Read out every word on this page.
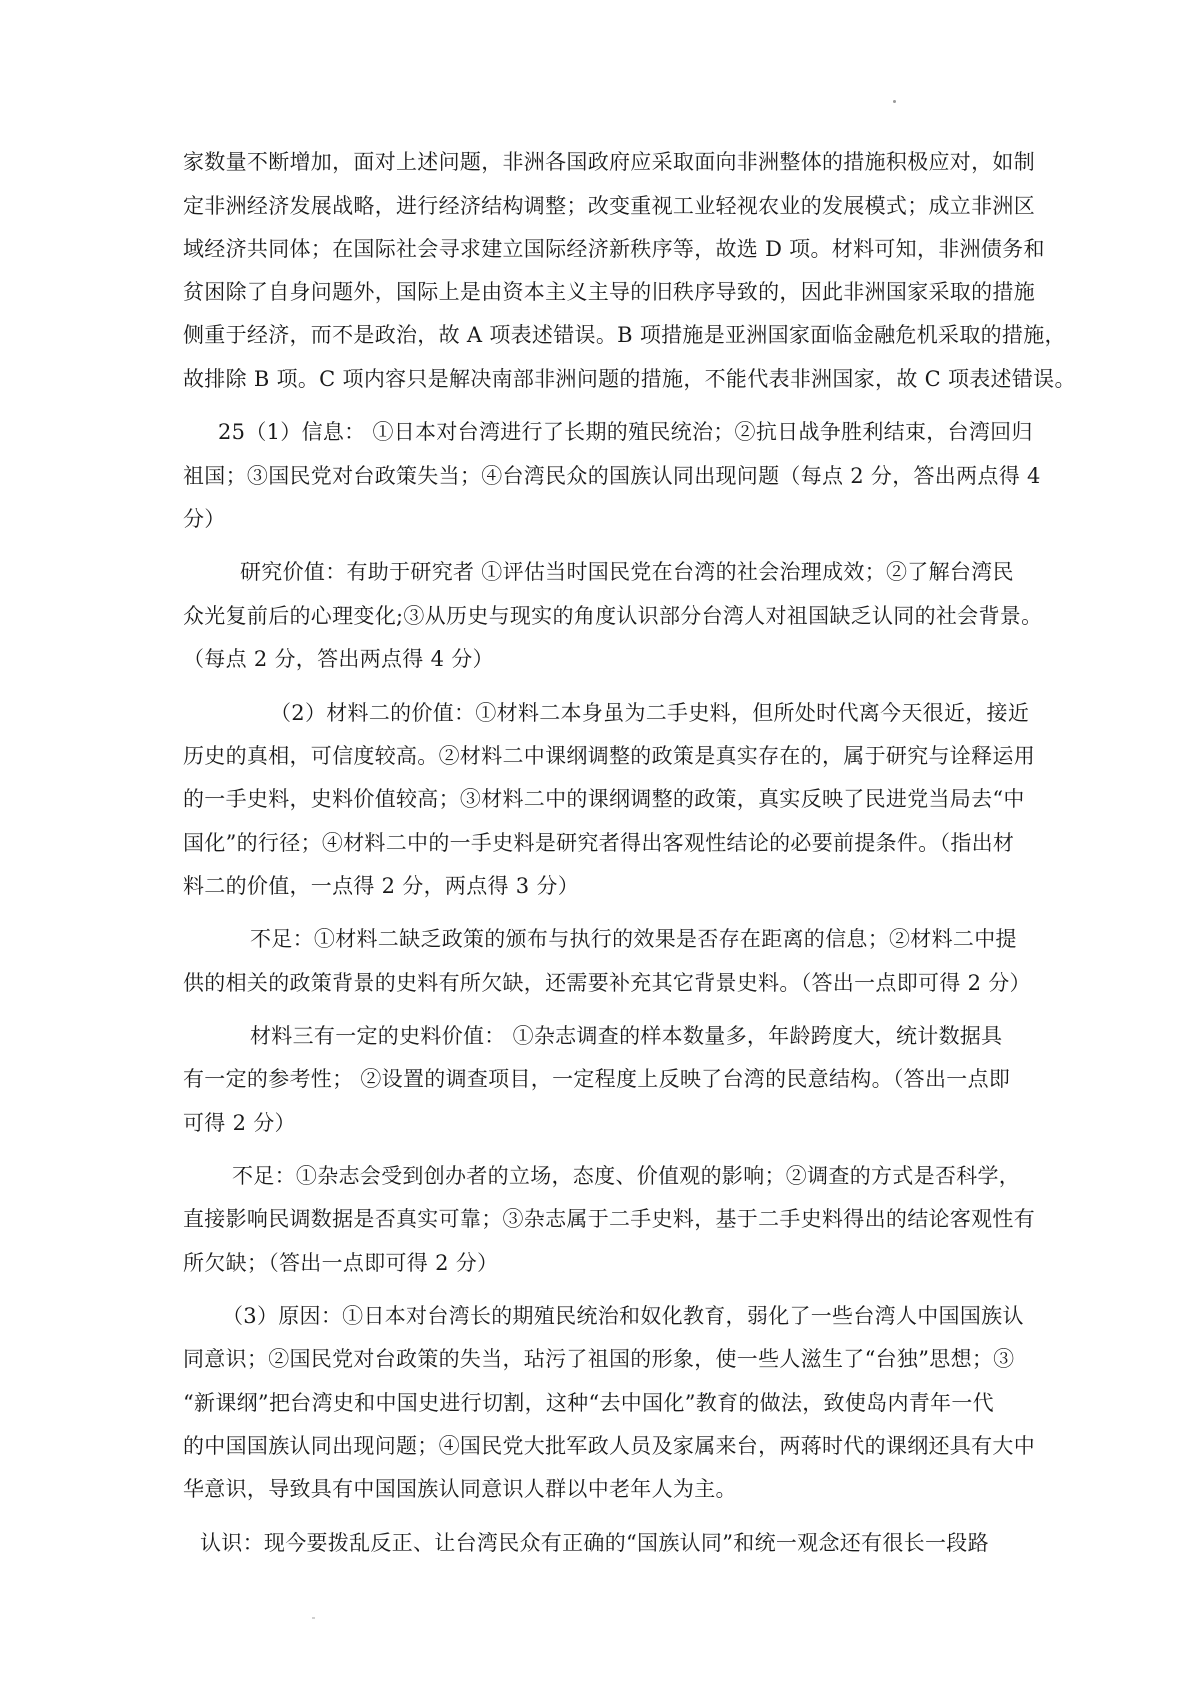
家数量不断增加，面对上述问题，非洲各国政府应采取面向非洲整体的措施积极应对，如制
定非洲经济发展战略，进行经济结构调整；改变重视工业轻视农业的发展模式；成立非洲区
域经济共同体；在国际社会寻求建立国际经济新秩序等，故选 D 项。材料可知，非洲债务和
贫困除了自身问题外，国际上是由资本主义主导的旧秩序导致的，因此非洲国家采取的措施
侧重于经济，而不是政治，故 A 项表述错误。B 项措施是亚洲国家面临金融危机采取的措施，
故排除 B 项。C 项内容只是解决南部非洲问题的措施，不能代表非洲国家，故 C 项表述错误。
25（1）信息： ①日本对台湾进行了长期的殖民统治；②抗日战争胜利结束，台湾回归
祖国；③国民党对台政策失当；④台湾民众的国族认同出现问题（每点 2 分，答出两点得 4
分）
研究价值：有助于研究者 ①评估当时国民党在台湾的社会治理成效；②了解台湾民
众光复前后的心理变化;③从历史与现实的角度认识部分台湾人对祖国缺乏认同的社会背景。
（每点 2 分，答出两点得 4 分）
（2）材料二的价值：①材料二本身虽为二手史料，但所处时代离今天很近，接近
历史的真相，可信度较高。②材料二中课纲调整的政策是真实存在的，属于研究与诠释运用
的一手史料，史料价值较高；③材料二中的课纲调整的政策，真实反映了民进党当局去“中
国化”的行径；④材料二中的一手史料是研究者得出客观性结论的必要前提条件。（指出材
料二的价值，一点得 2 分，两点得 3 分）
不足：①材料二缺乏政策的颁布与执行的效果是否存在距离的信息；②材料二中提
供的相关的政策背景的史料有所欠缺，还需要补充其它背景史料。（答出一点即可得 2 分）
材料三有一定的史料价值： ①杂志调查的样本数量多，年龄跨度大，统计数据具
有一定的参考性； ②设置的调查项目，一定程度上反映了台湾的民意结构。（答出一点即
可得 2 分）
不足：①杂志会受到创办者的立场，态度、价值观的影响；②调查的方式是否科学，
直接影响民调数据是否真实可靠；③杂志属于二手史料，基于二手史料得出的结论客观性有
所欠缺；（答出一点即可得 2 分）
（3）原因：①日本对台湾长的期殖民统治和奴化教育，弱化了一些台湾人中国国族认
同意识；②国民党对台政策的失当，玷污了祖国的形象，使一些人滋生了“台独”思想；③
“新课纲”把台湾史和中国史进行切割，这种“去中国化”教育的做法，致使岛内青年一代
的中国国族认同出现问题；④国民党大批军政人员及家属来台，两蒋时代的课纲还具有大中
华意识，导致具有中国国族认同意识人群以中老年人为主。
认识：现今要拨乱反正、让台湾民众有正确的“国族认同”和统一观念还有很长一段路
